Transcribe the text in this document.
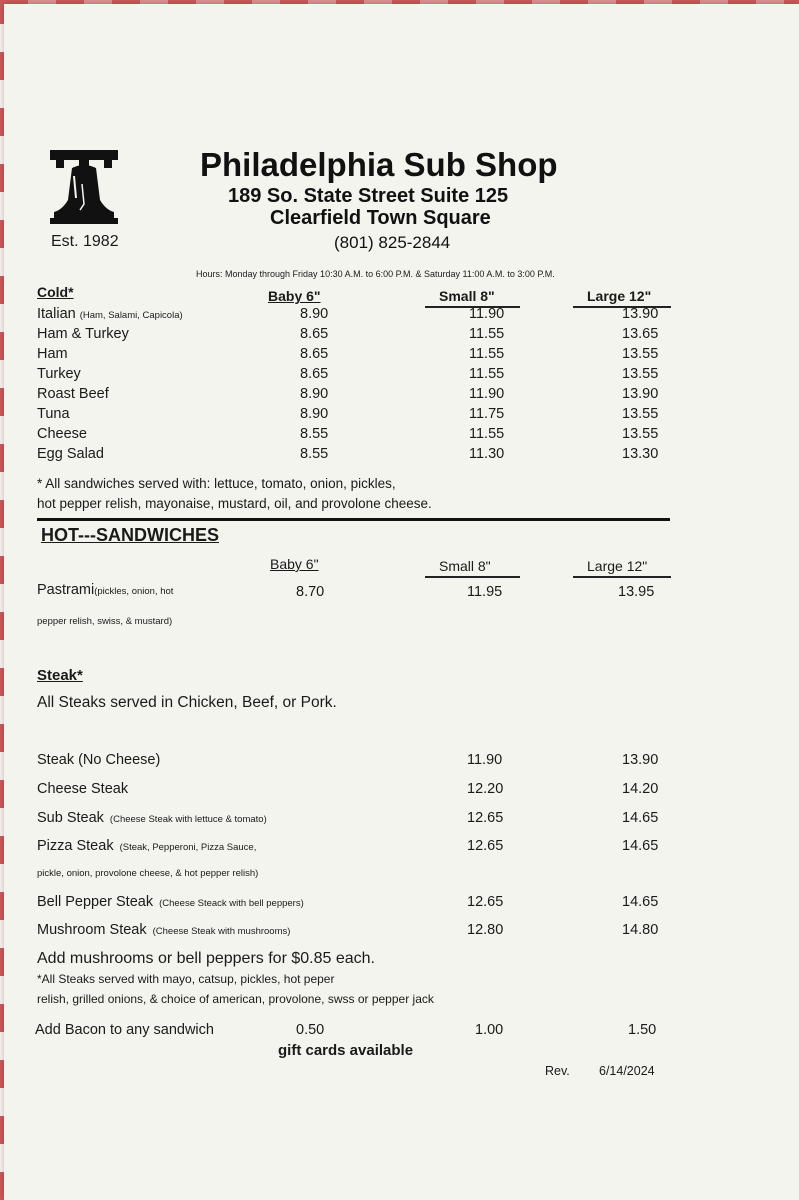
Est. 1982
Philadelphia Sub Shop
189 So. State Street Suite 125
Clearfield Town Square
(801) 825-2844
Hours: Monday through Friday 10:30 A.M. to 6:00 P.M. & Saturday 11:00 A.M. to 3:00 P.M.
Cold*	Baby 6"	Small 8"	Large 12"
Italian (Ham, Salami, Capicola)	8.90	11.90	13.90
Ham & Turkey	8.65	11.55	13.65
Ham	8.65	11.55	13.55
Turkey	8.65	11.55	13.55
Roast Beef	8.90	11.90	13.90
Tuna	8.90	11.75	13.55
Cheese	8.55	11.55	13.55
Egg Salad	8.55	11.30	13.30
* All sandwiches served with: lettuce, tomato, onion, pickles,
hot pepper relish, mayonaise, mustard, oil, and provolone cheese.
HOT---SANDWICHES
Baby 6"	Small 8"	Large 12"
Pastrami(pickles, onion, hot
pepper relish, swiss, & mustard)
8.70	11.95	13.95
Steak*
All Steaks served in Chicken, Beef, or Pork.
Steak (No Cheese)	11.90	13.90
Cheese Steak	12.20	14.20
Sub Steak (Cheese Steak with lettuce & tomato)	12.65	14.65
Pizza Steak (Steak, Pepperoni, Pizza Sauce,	12.65	14.65
Bell Pepper Steak (Cheese Steack with bell peppers)	12.65	14.65
Mushroom Steak (Cheese Steak with mushrooms)	12.80	14.80
pickle, onion, provolone cheese, & hot pepper relish)
Add mushrooms or bell peppers for $0.85 each.
*All Steaks served with mayo, catsup, pickles, hot peper
relish, grilled onions, & choice of american, provolone, swss or pepper jack
Add Bacon to any sandwich	0.50	1.00	1.50
gift cards available
Rev. 6/14/2024
